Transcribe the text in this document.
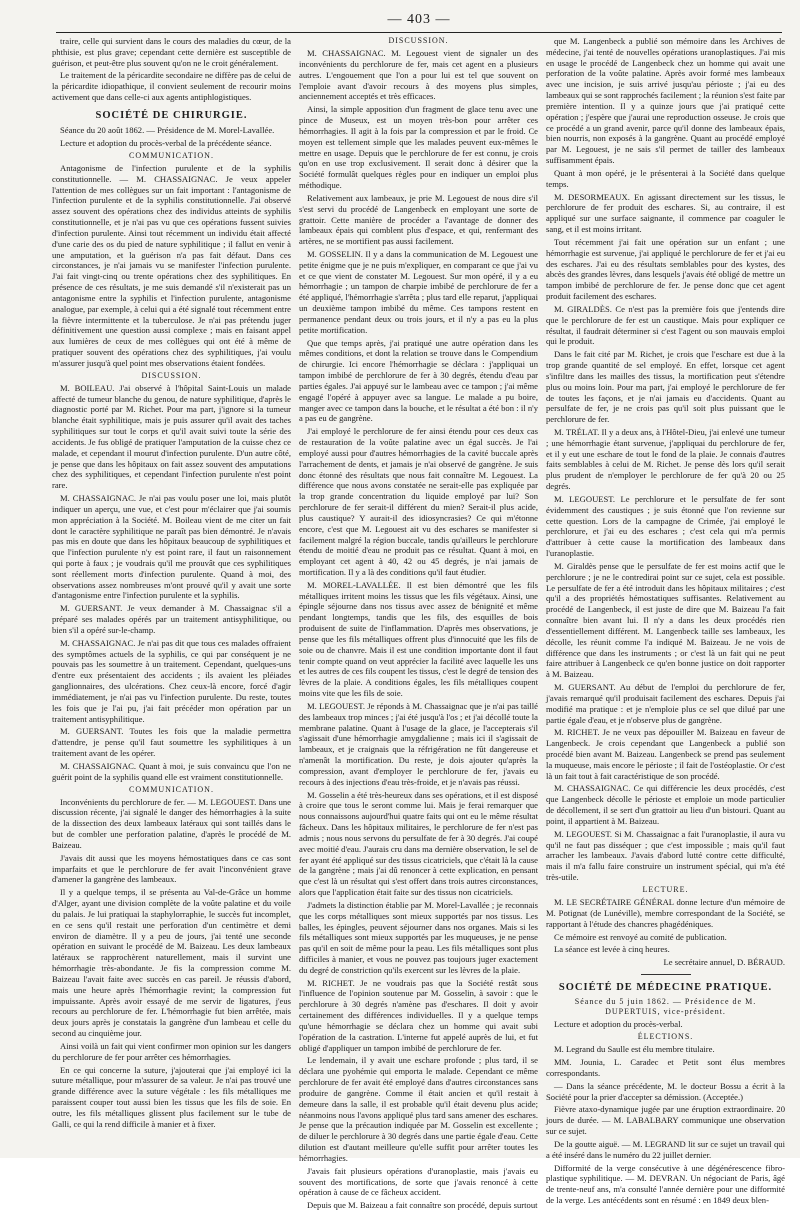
— 403 —

traire, celle qui survient dans le cours des maladies du cœur, de la phthisie, est plus grave; cependant cette dernière est susceptible de guérison, et peut-être plus souvent qu'on ne le croit généralement.

Le traitement de la péricardite secondaire ne diffère pas de celui de la péricardite idiopathique, il convient seulement de recourir moins activement que dans celle-ci aux agents antiphlogistiques.

SOCIÉTÉ DE CHIRURGIE.

Séance du 20 août 1862. — Présidence de M. Morel-Lavallée.

Lecture et adoption du procès-verbal de la précédente séance.

COMMUNICATION.

Antagonisme de l'infection purulente et de la syphilis constitutionnelle. — M. CHASSAIGNAC. Je veux appeler l'attention de mes collègues sur un fait important : l'antagonisme de l'infection purulente et de la syphilis constitutionnelle. J'ai observé assez souvent des opérations chez des individus atteints de syphilis constitutionnelle, et je n'ai pas vu que ces opérations fussent suivies d'infection purulente. Ainsi tout récemment un individu était affecté d'une carie des os du pied de nature syphilitique ; il fallut en venir à une amputation, et la guérison n'a pas fait défaut. Dans ces circonstances, je n'ai jamais vu se manifester l'infection purulente. J'ai fait vingt-cinq ou trente opérations chez des syphilitiques. En présence de ces résultats, je me suis demandé s'il n'existerait pas un antagonisme entre la syphilis et l'infection purulente, antagonisme analogue, par exemple, à celui qui a été signalé tout récemment entre la fièvre intermittente et la tuberculose. Je n'ai pas prétendu juger définitivement une question aussi complexe ; mais en faisant appel aux lumières de ceux de mes collègues qui ont été à même de pratiquer souvent des opérations chez des syphilitiques, j'ai voulu m'assurer jusqu'à quel point mes observations étaient fondées.

DISCUSSION.

M. BOILEAU. J'ai observé à l'hôpital Saint-Louis un malade affecté de tumeur blanche du genou, de nature syphilitique, d'après le diagnostic porté par M. Richet. Pour ma part, j'ignore si la tumeur blanche était syphilitique, mais je puis assurer qu'il avait des taches syphilitiques sur tout le corps et qu'il avait suivi toute la série des accidents. Je fus obligé de pratiquer l'amputation de la cuisse chez ce malade, et cependant il mourut d'infection purulente. D'un autre côté, je pense que dans les hôpitaux on fait assez souvent des amputations chez des syphilitiques, et cependant l'infection purulente n'est point rare.

M. CHASSAIGNAC. Je n'ai pas voulu poser une loi, mais plutôt indiquer un aperçu, une vue, et c'est pour m'éclairer que j'ai soumis mon appréciation à la Société. M. Boileau vient de me citer un fait dont le caractère syphilitique ne paraît pas bien démontré. Je n'avais pas mis en doute que dans les hôpitaux beaucoup de syphilitiques et que l'infection purulente n'y est point rare, il faut un raisonnement qui porte à faux ; je voudrais qu'il me prouvât que ces syphilitiques sont réellement morts d'infection purulente. Quand à moi, des observations assez nombreuses m'ont prouvé qu'il y avait une sorte d'antagonisme entre l'infection purulente et la syphilis.

M. GUERSANT. Je veux demander à M. Chassaignac s'il a préparé ses malades opérés par un traitement antisyphilitique, ou bien s'il a opéré sur-le-champ.

M. CHASSAIGNAC. Je n'ai pas dit que tous ces malades offraient des symptômes actuels de la syphilis, ce qui par conséquent je ne pouvais pas les soumettre à un traitement. Cependant, quelques-uns d'entre eux présentaient des accidents ; ils avaient les pléiades ganglionnaires, des ulcérations. Chez ceux-là encore, forcé d'agir immédiatement, je n'ai pas vu l'infection purulente. Du reste, toutes les fois que je l'ai pu, j'ai fait précéder mon opération par un traitement antisyphilitique.

M. GUERSANT. Toutes les fois que la maladie permettra d'attendre, je pense qu'il faut soumettre les syphilitiques à un traitement avant de les opérer.

M. CHASSAIGNAC. Quant à moi, je suis convaincu que l'on ne guérit point de la syphilis quand elle est vraiment constitutionnelle.

COMMUNICATION.

Inconvénients du perchlorure de fer. — M. LEGOUEST. Dans une discussion récente, j'ai signalé le danger des hémorrhagies à la suite de la dissection des deux lambeaux latéraux qui sont taillés dans le but de combler une perforation palatine, d'après le procédé de M. Baizeau.

J'avais dit aussi que les moyens hémostatiques dans ce cas sont imparfaits et que le perchlorure de fer avait l'inconvénient grave d'amener la gangrène des lambeaux.

Il y a quelque temps, il se présenta au Val-de-Grâce un homme d'Alger, ayant une division complète de la voûte palatine et du voile du palais. Je lui pratiquai la staphylorraphie, le succès fut incomplet, en ce sens qu'il restait une perforation d'un centimètre et demi environ de diamètre. Il y a peu de jours, j'ai tenté une seconde opération en suivant le procédé de M. Baizeau. Les deux lambeaux latéraux se rapprochèrent naturellement, mais il survint une hémorrhagie très-abondante. Je fis la compression comme M. Baizeau l'avait faite avec succès en cas pareil. Je réussis d'abord, mais une heure après l'hémorrhagie revint; la compression fut impuissante. Après avoir essayé de me servir de ligatures, j'eus recours au perchlorure de fer. L'hémorrhagie fut bien arrêtée, mais deux jours après je constatais la gangrène d'un lambeau et celle du second au cinquième jour.

Ainsi voilà un fait qui vient confirmer mon opinion sur les dangers du perchlorure de fer pour arrêter ces hémorrhagies.

En ce qui concerne la suture, j'ajouterai que j'ai employé ici la suture métallique, pour m'assurer de sa valeur. Je n'ai pas trouvé une grande différence avec la suture végétale : les fils métalliques me paraissent couper tout aussi bien les tissus que les fils de soie. En outre, les fils métalliques glissent plus facilement sur le tube de Galli, ce qui la rend difficile à manier et à fixer.

DISCUSSION.

M. CHASSAIGNAC. M. Legouest vient de signaler un des inconvénients du perchlorure de fer, mais cet agent en a plusieurs autres. L'engouement que l'on a pour lui est tel que souvent on l'emploie avant d'avoir recours à des moyens plus simples, anciennement acceptés et très efficaces.

Ainsi, la simple apposition d'un fragment de glace tenu avec une pince de Museux, est un moyen très-bon pour arrêter ces hémorrhagies. Il agit à la fois par la compression et par le froid. Ce moyen est tellement simple que les malades peuvent eux-mêmes le mettre en usage. Depuis que le perchlorure de fer est connu, je crois qu'on en use trop exclusivement. Il serait donc à désirer que la Société formulât quelques règles pour en indiquer un emploi plus méthodique.

Relativement aux lambeaux, je prie M. Legouest de nous dire s'il s'est servi du procédé de Langenbeck en employant une sorte de grattoir. Cette manière de procéder a l'avantage de donner des lambeaux épais qui comblent plus d'espace, et qui, renfermant des artères, ne se mortifient pas aussi facilement.

M. GOSSELIN. Il y a dans la communication de M. Legouest une petite énigme que je ne puis m'expliquer, en comparant ce que j'ai vu et ce que vient de constater M. Legouest. Sur mon opéré, il y a eu hémorrhagie ; un tampon de charpie imbibé de perchlorure de fer a été appliqué, l'hémorrhagie s'arrêta ; plus tard elle reparut, j'appliquai un deuxième tampon imbibé du même. Ces tampons restent en permanence pendant deux ou trois jours, et il n'y a pas eu la plus petite mortification.

Que que temps après, j'ai pratiqué une autre opération dans les mêmes conditions, et dont la relation se trouve dans le Compendium de chirurgie. Ici encore l'hémorrhagie se déclara : j'appliquai un tampon imbibé de perchlorure de fer à 30 degrés, étendu d'eau par parties égales. J'ai appuyé sur le lambeau avec ce tampon ; j'ai même engagé l'opéré à appuyer avec sa langue. Le malade a pu boire, manger avec ce tampon dans la bouche, et le résultat a été bon : il n'y a pas eu de gangrène.

J'ai employé le perchlorure de fer ainsi étendu pour ces deux cas de restauration de la voûte palatine avec un égal succès. Je l'ai employé aussi pour d'autres hémorrhagies de la cavité buccale après l'arrachement de dents, et jamais je n'ai observé de gangrène. Je suis donc étonné des résultats que nous fait connaître M. Legouest. La différence que nous avons constatée ne serait-elle pas expliquée par la trop grande concentration du liquide employé par lui? Son perchlorure de fer serait-il différent du mien? Serait-il plus acide, plus caustique? Y aurait-il des idiosyncrasies? Ce qui m'étonne encore, c'est que M. Legouest ait vu des eschares se manifester si facilement malgré la région buccale, tandis qu'ailleurs le perchlorure étendu de moitié d'eau ne produit pas ce résultat. Quant à moi, en employant cet agent à 40, 42 ou 45 degrés, je n'ai jamais de mortification. Il y a là des conditions qu'il faut étudier.

M. MOREL-LAVALLÉE. Il est bien démontré que les fils métalliques irritent moins les tissus que les fils végétaux. Ainsi, une épingle séjourne dans nos tissus avec assez de bénignité et même pendant longtemps, tandis que les fils, des esquilles de bois produisent de suite de l'inflammation. D'après mes observations, je pense que les fils métalliques offrent plus d'innocuité que les fils de soie ou de chanvre. Mais il est une condition importante dont il faut tenir compte quand on veut apprécier la facilité avec laquelle les uns et les autres de ces fils coupent les tissus, c'est le degré de tension des lèvres de la plaie. A conditions égales, les fils métalliques coupent moins vite que les fils de soie.

M. LEGOUEST. Je réponds à M. Chassaignac que je n'ai pas taillé des lambeaux trop minces ; j'ai été jusqu'à l'os ; et j'ai décollé toute la membrane palatine. Quant à l'usage de la glace, je l'accepterais s'il s'agissait d'une hémorrhagie amygdalienne ; mais ici il s'agissait de lambeaux, et je craignais que la réfrigération ne fût dangereuse et n'amenât la mortification. Du reste, je dois ajouter qu'après la compression, avant d'employer le perchlorure de fer, j'avais eu recours à des injections d'eau très-froide, et je n'avais pas réussi.

M. Gosselin a été très-heureux dans ses opérations, et il est disposé à croire que tous le seront comme lui. Mais je ferai remarquer que nous connaissons aujourd'hui quatre faits qui ont eu le même résultat fâcheux. Dans les hôpitaux militaires, le perchlorure de fer n'est pas admis ; nous nous servons du persulfate de fer à 30 degrés. J'ai coupé avec moitié d'eau. J'aurais cru dans ma dernière observation, le sel de fer ayant été appliqué sur des tissus cicatriciels, que c'était là la cause de la gangrène ; mais j'ai dû renoncer à cette explication, en pensant que c'est là un résultat qui s'est offert dans trois autres circonstances, alors que l'application était faite sur des tissus non cicatriciels.

J'admets la distinction établie par M. Morel-Lavallée ; je reconnais que les corps métalliques sont mieux supportés par nos tissus. Les balles, les épingles, peuvent séjourner dans nos organes. Mais si les fils métalliques sont mieux supportés par les muqueuses, je ne pense pas qu'il en soit de même pour la peau. Les fils métalliques sont plus difficiles à manier, et vous ne pouvez pas toujours juger exactement du degré de constriction qu'ils exercent sur les lèvres de la plaie.

M. RICHET. Je ne voudrais pas que la Société restât sous l'influence de l'opinion soutenue par M. Gosselin, à savoir : que le perchlorure à 30 degrés n'amène pas d'eschares. Il doit y avoir certainement des différences individuelles. Il y a quelque temps qu'une hémorrhagie se déclara chez un homme qui avait subi l'opération de la castration. L'interne fut appelé auprès de lui, et fut obligé d'appliquer un tampon imbibé de perchlorure de fer.

Le lendemain, il y avait une eschare profonde ; plus tard, il se déclara une pyohémie qui emporta le malade. Cependant ce même perchlorure de fer avait été employé dans d'autres circonstances sans produire de gangrène. Comme il était ancien et qu'il restait à demeure dans la salle, il est probable qu'il était devenu plus acide; néanmoins nous l'avons appliqué plus tard sans amener des eschares. Je pense que la précaution indiquée par M. Gosselin est excellente ; de diluer le perchlorure à 30 degrés dans une partie égale d'eau. Cette dilution est d'autant meilleure qu'elle suffit pour arrêter toutes les hémorrhagies.

J'avais fait plusieurs opérations d'uranoplastie, mais j'avais eu souvent des mortifications, de sorte que j'avais renoncé à cette opération à cause de ce fâcheux accident.

Depuis que M. Baizeau a fait connaître son procédé, depuis surtout

que M. Langenbeck a publié son mémoire dans les Archives de médecine, j'ai tenté de nouvelles opérations uranoplastiques. J'ai mis en usage le procédé de Langenbeck chez un homme qui avait une perforation de la voûte palatine. Après avoir formé mes lambeaux avec une incision, je suis arrivé jusqu'au périoste ; j'ai eu des lambeaux qui se sont rapprochés facilement ; la réunion s'est faite par première intention. Il y a quinze jours que j'ai pratiqué cette opération ; j'espère que j'aurai une reproduction osseuse. Je crois que ce procédé a un grand avenir, parce qu'il donne des lambeaux épais, bien nourris, non exposés à la gangrène. Quant au procédé employé par M. Legouest, je ne sais s'il permet de tailler des lambeaux suffisamment épais.

Quant à mon opéré, je le présenterai à la Société dans quelque temps.

M. DESORMEAUX. En agissant directement sur les tissus, le perchlorure de fer produit des eschares. Si, au contraire, il est appliqué sur une surface saignante, il commence par coaguler le sang, et il est moins irritant.

Tout récemment j'ai fait une opération sur un enfant ; une hémorrhagie est survenue, j'ai appliqué le perchlorure de fer et j'ai eu des eschares. J'ai eu des résultats semblables pour des kystes, des abcès des grandes lèvres, dans lesquels j'avais été obligé de mettre un tampon imbibé de perchlorure de fer. Je pense donc que cet agent produit facilement des eschares.

M. GIRALDÈS. Ce n'est pas la première fois que j'entends dire que le perchlorure de fer est un caustique. Mais pour expliquer ce résultat, il faudrait déterminer si c'est l'agent ou son mauvais emploi qui le produit.

Dans le fait cité par M. Richet, je crois que l'eschare est due à la trop grande quantité de sel employé. En effet, lorsque cet agent s'infiltre dans les mailles des tissus, la mortification peut s'étendre plus ou moins loin. Pour ma part, j'ai employé le perchlorure de fer de toutes les façons, et je n'ai jamais eu d'accidents. Quant au persulfate de fer, je ne crois pas qu'il soit plus puissant que le perchlorure de fer.

M. TRÉLAT. Il y a deux ans, à l'Hôtel-Dieu, j'ai enlevé une tumeur ; une hémorrhagie étant survenue, j'appliquai du perchlorure de fer, et il y eut une eschare de tout le fond de la plaie. Je connais d'autres faits semblables à celui de M. Richet. Je pense dès lors qu'il serait plus prudent de n'employer le perchlorure de fer qu'à 20 ou 25 degrés.

M. LEGOUEST. Le perchlorure et le persulfate de fer sont évidemment des caustiques ; je suis étonné que l'on revienne sur cette question. Lors de la campagne de Crimée, j'ai employé le perchlorure, et j'ai eu des eschares ; c'est cela qui m'a permis d'attribuer à cette cause la mortification des lambeaux dans l'uranoplastie.

M. Giraldès pense que le persulfate de fer est moins actif que le perchlorure ; je ne le contredirai point sur ce sujet, cela est possible. Le persulfate de fer a été introduit dans les hôpitaux militaires ; c'est qu'il a des propriétés hémostatiques suffisantes. Relativement au procédé de Langenbeck, il est juste de dire que M. Baizeau l'a fait connaître bien avant lui. Il n'y a dans les deux procédés rien d'essentiellement différent. M. Langenbeck taille ses lambeaux, les décolle, les réunit comme l'a indiqué M. Baizeau. Je ne vois de différence que dans les instruments ; or c'est là un fait qui ne peut faire attribuer à Langenbeck ce qu'en bonne justice on doit rapporter à M. Baizeau.

M. GUERSANT. Au début de l'emploi du perchlorure de fer, j'avais remarqué qu'il produisait facilement des eschares. Depuis j'ai modifié ma pratique : et je n'emploie plus ce sel que dilué par une partie égale d'eau, et je n'observe plus de gangrène.

M. RICHET. Je ne veux pas dépouiller M. Baizeau en faveur de Langenbeck. Je crois cependant que Langenbeck a publié son procédé bien avant M. Baizeau. Langenbeck se prend pas seulement la muqueuse, mais encore le périoste ; il fait de l'ostéoplastie. Or c'est là un fait tout à fait caractéristique de son procédé.

M. CHASSAIGNAC. Ce qui différencie les deux procédés, c'est que Langenbeck décolle le périoste et emploie un mode particulier de décollement, il se sert d'un grattoir au lieu d'un bistouri. Quant au point, il appartient à M. Baizeau.

M. LEGOUEST. Si M. Chassaignac a fait l'uranoplastie, il aura vu qu'il ne faut pas disséquer ; que c'est impossible ; mais qu'il faut arracher les lambeaux. J'avais d'abord lutté contre cette difficulté, mais il m'a fallu faire construire un instrument spécial, qui m'a été très-utile.

LECTURE.

M. LE SECRÉTAIRE GÉNÉRAL donne lecture d'un mémoire de M. Potignat (de Lunéville), membre correspondant de la Société, se rapportant à l'étude des chancres phagédéniques.

Ce mémoire est renvoyé au comité de publication.

La séance est levée à cinq heures.

Le secrétaire annuel, D. BÉRAUD.

SOCIÉTÉ DE MÉDECINE PRATIQUE.

Séance du 5 juin 1862. — Présidence de M. DUPERTUIS, vice-président.

Lecture et adoption du procès-verbal.

ÉLECTIONS.

M. Legrand du Saulle est élu membre titulaire.

MM. Jounia, L. Caradec et Petit sont élus membres correspondants.

— Dans la séance précédente, M. le docteur Bossu a écrit à la Société pour la prier d'accepter sa démission. (Acceptée.)

Fièvre ataxo-dynamique jugée par une éruption extraordinaire. 20 jours de durée. — M. LABALBARY communique une observation sur ce sujet.

De la goutte aiguë. — M. LEGRAND lit sur ce sujet un travail qui a été inséré dans le numéro du 22 juillet dernier.

Difformité de la verge consécutive à une dégénérescence fibro-plastique syphilitique. — M. DEVRAN. Un négociant de Paris, âgé de trente-neuf ans, m'a consulté l'année dernière pour une difformité de la verge. Les antécédents sont en résumé : en 1849 deux blen-
